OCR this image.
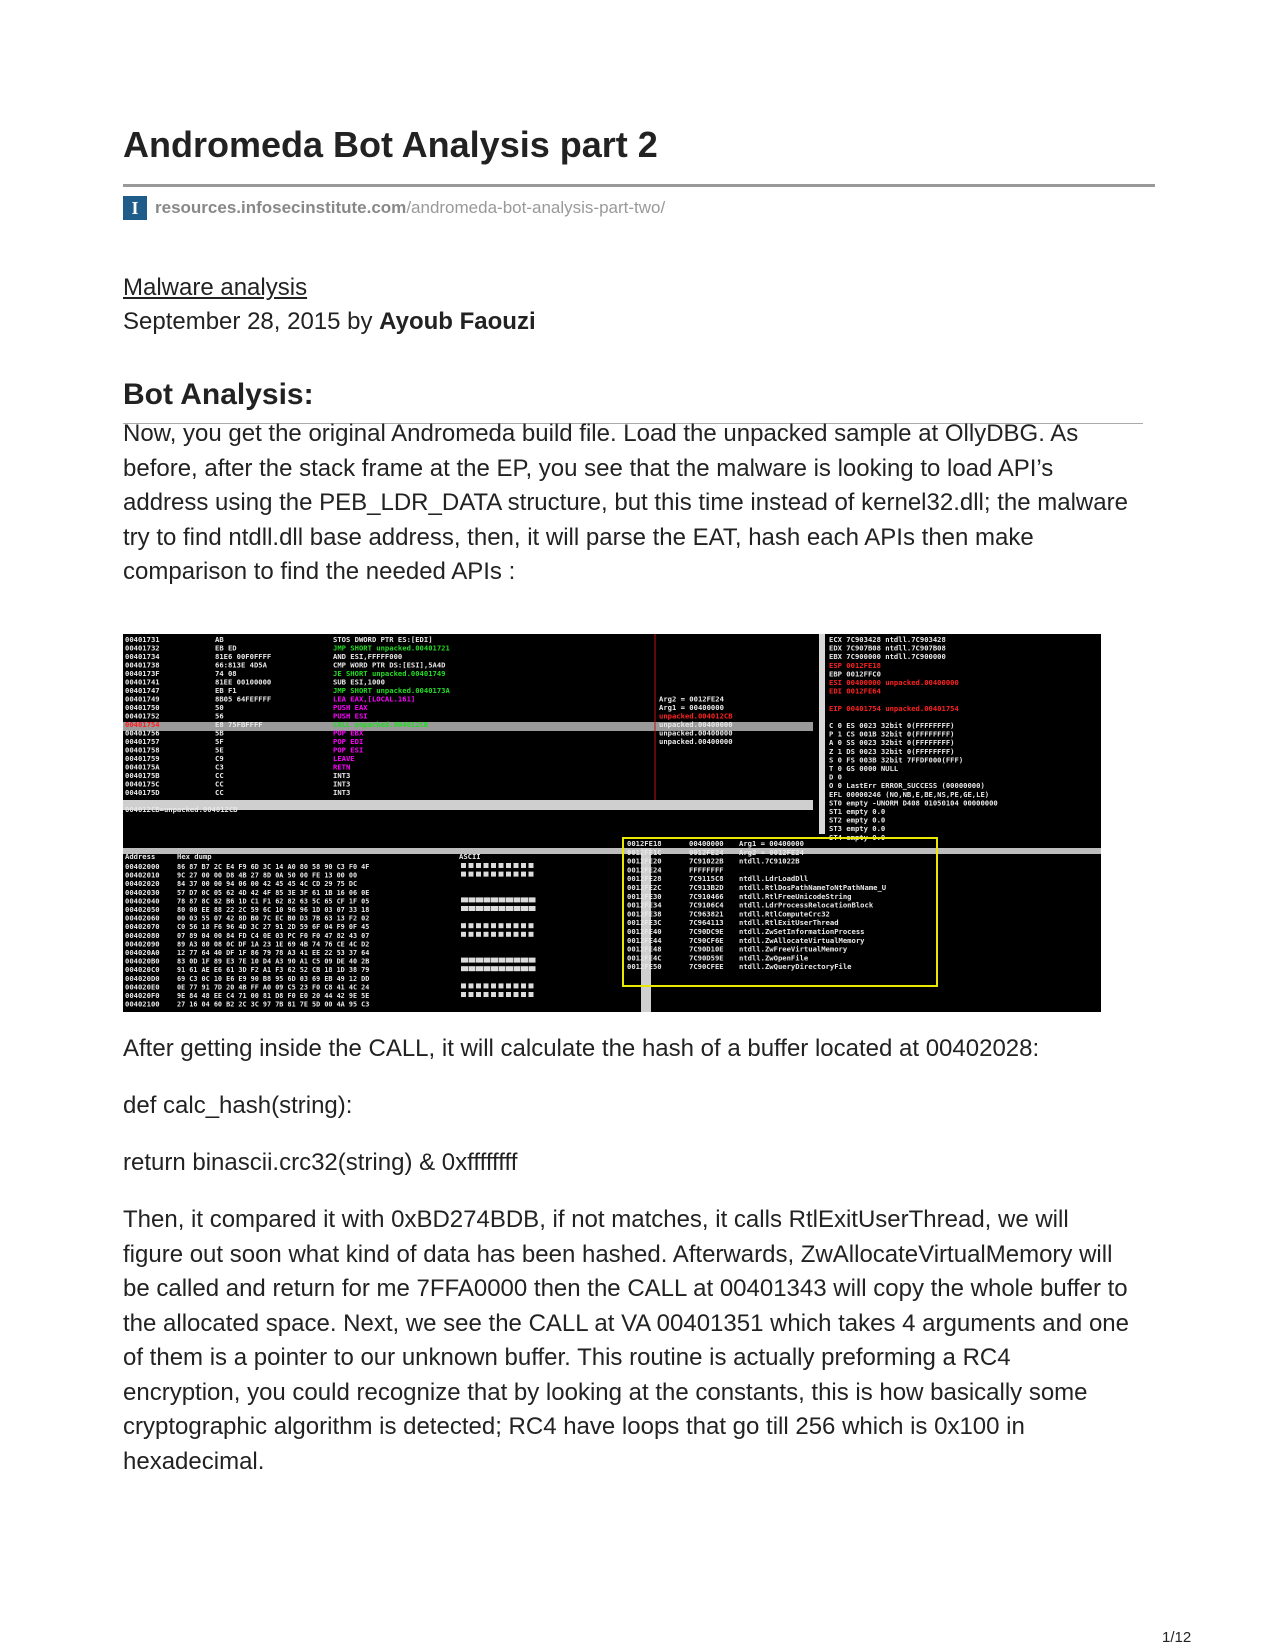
Andromeda Bot Analysis part 2
I resources.infosecinstitute.com /andromeda-bot-analysis-part-two/
Malware analysis
September 28, 2015 by Ayoub Faouzi
Bot Analysis:

Now, you get the original Andromeda build file. Load the unpacked sample at OllyDBG. As before, after the stack frame at the EP, you see that the malware is looking to load API’s address using the PEB_LDR_DATA structure, but this time instead of kernel32.dll; the malware try to find ntdll.dll base address, then, it will parse the EAT, hash each APIs then make comparison to find the needed APIs :

00401731	AB	STOS DWORD PTR ES:[EDI]
00401732	EB ED	JMP SHORT unpacked.00401721
00401734	81E6 00F0FFFF	AND ESI,FFFFF000
00401738	66:813E 4D5A	CMP WORD PTR DS:[ESI],5A4D
0040173F	74 08	JE SHORT unpacked.00401749
00401741	81EE 00100000	SUB ESI,1000
00401747	EB F1	JMP SHORT unpacked.0040173A
00401749	8B05 64FEFFFF	LEA EAX,[LOCAL.161]
00401750	50	PUSH EAX
00401752	56	PUSH ESI
00401754	E8 75FBFFFF	CALL unpacked.004012CB
00401756	5B	POP EBX
00401757	5F	POP EDI
00401758	5E	POP ESI
00401759	C9	LEAVE
0040175A	C3	RETN
0040175B	CC	INT3
0040175C	CC	INT3
0040175D	CC	INT3
Arg2 = 0012FE24
Arg1 = 00400000
unpacked.004012CB
unpacked.00400000
unpacked.00400000
unpacked.00400000
004012CB=unpacked.004012CB
ECX 7C903428 ntdll.7C903428
EDX 7C907B08 ntdll.7C907B08
EBX 7C900000 ntdll.7C900000
ESP 0012FE18
EBP 0012FFC0
ESI 00400000 unpacked.00400000
EDI 0012FE64
EIP 00401754 unpacked.00401754
C 0 ES 0023 32bit 0(FFFFFFFF)
P 1 CS 001B 32bit 0(FFFFFFFF)
A 0 SS 0023 32bit 0(FFFFFFFF)
Z 1 DS 0023 32bit 0(FFFFFFFF)
S 0 FS 003B 32bit 7FFDF000(FFF)
T 0 GS 0000 NULL
D 0
O 0 LastErr ERROR_SUCCESS (00000000)
EFL 00000246 (NO,NB,E,BE,NS,PE,GE,LE)
ST0 empty -UNORM D408 01050104 00000000
ST1 empty 0.0
ST2 empty 0.0
ST3 empty 0.0
ST4 empty 0.0
Address	Hex dump	ASCII
00402000	86 87 B7 2C E4 F9 6D 3C 14 A0 80 58 90 C3 F0 4F
00402010	9C 27 00 00 D8 4B 27 8D 0A 50 00 FE 13 00 00
00402020	84 37 00 00 94 06 00 42 45 45 4C CD 29 75 DC
00402030	57 D7 0C 05 62 4D 42 4F 85 3E 3F 61 1B 16 06 0E
00402040	78 87 8C 82 B6 1D C1 F1 62 82 63 5C 65 CF 1F 05
00402050	80 00 EE 88 22 2C 59 6C 10 96 96 1D 03 07 33 18
00402060	00 03 55 07 42 8D B0 7C EC B0 D3 7B 63 13 F2 02
00402070	C0 56 18 F6 96 4D 3C 27 91 2D 59 6F 04 F9 0F 45
00402080	07 89 04 00 84 FD C4 0E 03 PC F0 F0 47 82 43 07
00402090	89 A3 80 08 0C DF 1A 23 1E 69 4B 74 76 CE 4C D2
004020A0	12 77 64 40 DF 1F 86 79 78 A3 41 EE 22 53 37 64
004020B0	83 0D 1F 89 E3 7E 10 D4 A3 90 A1 C5 09 DE 40 2B
004020C0	91 61 AE E6 61 3D F2 A1 F3 62 52 CB 18 1D 38 79
004020D0	69 C3 0C 10 E6 E9 90 B8 95 6D 03 69 EB 49 12 DD
004020E0	0E 77 91 7D 20 4B FF A0 09 C5 23 F0 C8 41 4C 24
004020F0	9E 84 48 EE C4 71 00 81 D8 F0 E0 20 44 42 9E 5E
00402100	27 16 04 60 B2 2C 3C 97 7B 81 7E 5D 00 4A 95 C3
0012FE18	00400000 Arg1 = 00400000
0012FE1C	0012FE24 Arg2 = 0012FE24
0012FE20	7C91022B ntdll.7C91022B
0012FE24	FFFFFFFF
0012FE28	7C9115C8 ntdll.LdrLoadDll
0012FE2C	7C913B2D ntdll.RtlDosPathNameToNtPathName_U
0012FE30	7C910466 ntdll.RtlFreeUnicodeString
0012FE34	7C9106C4 ntdll.LdrProcessRelocationBlock
0012FE38	7C963821 ntdll.RtlComputeCrc32
0012FE3C	7C964113 ntdll.RtlExitUserThread
0012FE40	7C90DC9E ntdll.ZwSetInformationProcess
0012FE44	7C90CF6E ntdll.ZwAllocateVirtualMemory
0012FE48	7C90D10E ntdll.ZwFreeVirtualMemory
0012FE4C	7C90D59E ntdll.ZwOpenFile
0012FE50	7C90CFEE ntdll.ZwQueryDirectoryFile

After getting inside the CALL, it will calculate the hash of a buffer located at 00402028:

def calc_hash(string):

return binascii.crc32(string) & 0xffffffff

Then, it compared it with 0xBD274BDB, if not matches, it calls RtlExitUserThread, we will figure out soon what kind of data has been hashed. Afterwards, ZwAllocateVirtualMemory will be called and return for me 7FFA0000 then the CALL at 00401343 will copy the whole buffer to the allocated space. Next, we see the CALL at VA 00401351 which takes 4 arguments and one of them is a pointer to our unknown buffer. This routine is actually preforming a RC4 encryption, you could recognize that by looking at the constants, this is how basically some cryptographic algorithm is detected; RC4 have loops that go till 256 which is 0x100 in hexadecimal.

1/12
